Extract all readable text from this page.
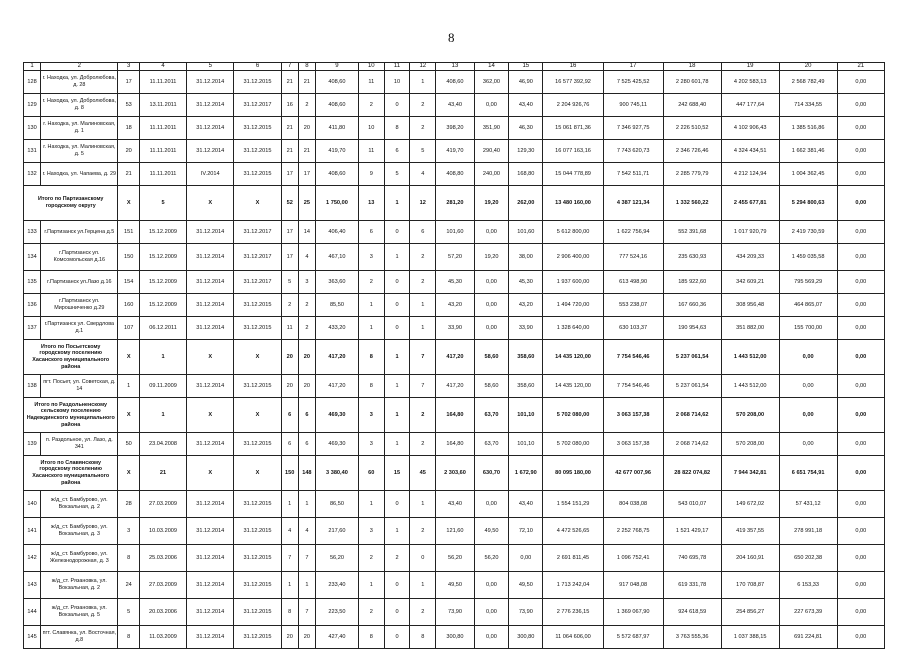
8
1	2	3	4	5	6	7	8	9	10	11	12	13	14	15	16	17	18	19	20	21
128	г. Находка, ул. Добролюбова, д. 28	17	11.11.2011	31.12.2014	31.12.2015	21	21	408,60	11	10	1	408,60	362,00	46,90	16 577 392,92	7 525 425,52	2 280 601,78	4 202 583,13	2 568 782,49	0,00
129	г. Находка, ул. Добролюбова, д. 8	53	13.11.2011	31.12.2014	31.12.2017	16	2	408,60	2	0	2	43,40	0,00	43,40	2 204 926,76	900 745,11	242 688,40	447 177,64	714 334,55	0,00
130	г. Находка, ул. Малиновская, д. 1	18	11.11.2011	31.12.2014	31.12.2015	21	20	411,80	10	8	2	398,20	351,90	46,30	15 061 871,36	7 346 927,75	2 226 510,52	4 102 906,43	1 385 516,86	0,00
131	г. Находка, ул. Малиновская, д. 5	20	11.11.2011	31.12.2014	31.12.2015	21	21	419,70	11	6	5	419,70	290,40	129,30	16 077 163,16	7 743 620,73	2 346 726,46	4 324 434,51	1 662 381,46	0,00
132	г. Находка, ул. Чапаева, д. 29	21	11.11.2011	IV.2014	31.12.2015	17	17	408,60	9	5	4	408,80	240,00	168,80	15 044 778,89	7 542 511,71	2 285 779,79	4 212 124,94	1 004 362,45	0,00
Итого по Партизанскому городскому округу		X	5	X	X	52	25	1 750,00	13	1	12	281,20	19,20	262,00	13 480 160,00	4 387 121,34	1 332 560,22	2 455 677,81	5 294 800,63	0,00
133	г.Партизанск ул.Герцена д.5	151	15.12.2009	31.12.2014	31.12.2017	17	14	406,40	6	0	6	101,60	0,00	101,60	5 612 800,00	1 622 756,94	552 391,68	1 017 920,79	2 419 730,59	0,00
134	г.Партизанск ул. Комсомольская д.16	150	15.12.2009	31.12.2014	31.12.2017	17	4	467,10	3	1	2	57,20	19,20	38,00	2 906 400,00	777 524,16	235 630,93	434 209,33	1 459 035,58	0,00
135	г.Партизанск ул.Лазо д.16	154	15.12.2009	31.12.2014	31.12.2017	5	3	363,60	2	0	2	45,30	0,00	45,30	1 937 600,00	613 498,90	185 922,60	342 609,21	795 569,29	0,00
136	г.Партизанск ул. Мирошниченко д.29	160	15.12.2009	31.12.2014	31.12.2015	2	2	85,50	1	0	1	43,20	0,00	43,20	1 494 720,00	553 238,07	167 660,36	308 956,48	464 865,07	0,00
137	г.Партизанск ул. Свердлова д.1	107	06.12.2011	31.12.2014	31.12.2015	11	2	433,20	1	0	1	33,90	0,00	33,90	1 328 640,00	630 103,37	190 954,63	351 882,00	155 700,00	0,00
Итого по Посьетскому городскому поселению Хасанского муниципального района		X	1	X	X	20	20	417,20	8	1	7	417,20	58,60	358,60	14 435 120,00	7 754 546,46	5 237 061,54	1 443 512,00	0,00	0,00
138	пгт. Посьет, ул. Советская, д. 14	1	09.11.2009	31.12.2014	31.12.2015	20	20	417,20	8	1	7	417,20	58,60	358,60	14 435 120,00	7 754 546,46	5 237 061,54	1 443 512,00	0,00	0,00
Итого по Раздольненскому сельскому поселению Надеждинского муниципального района		X	1	X	X	6	6	469,30	3	1	2	164,80	63,70	101,10	5 702 080,00	3 063 157,38	2 068 714,62	570 208,00	0,00	0,00
139	п. Раздольное, ул. Лазо, д. 341	50	23.04.2008	31.12.2014	31.12.2015	6	6	469,30	3	1	2	164,80	63,70	101,10	5 702 080,00	3 063 157,38	2 068 714,62	570 208,00	0,00	0,00
Итого по Славянскому городскому поселению Хасанского муниципального района		X	21	X	X	150	148	3 380,40	60	15	45	2 303,60	630,70	1 672,90	80 095 180,00	42 677 007,96	28 822 074,82	7 944 342,81	6 651 754,91	0,00
140	ж/д_ст. Бамбурово, ул. Вокзальная, д. 2	28	27.03.2009	31.12.2014	31.12.2015	1	1	86,50	1	0	1	43,40	0,00	43,40	1 554 151,29	804 038,08	543 010,07	149 672,02	57 431,12	0,00
141	ж/д_ст. Бамбурово, ул. Вокзальная, д. 3	3	10.03.2009	31.12.2014	31.12.2015	4	4	217,60	3	1	2	121,60	49,50	72,10	4 472 526,65	2 252 768,75	1 521 429,17	419 357,55	278 991,18	0,00
142	ж/д_ст. Бамбурово, ул. Железнодорожная, д. 3	8	25.03.2006	31.12.2014	31.12.2015	7	7	56,20	2	2	0	56,20	56,20	0,00	2 691 811,45	1 096 752,41	740 695,78	204 160,91	650 202,38	0,00
143	ж/д_ст. Рязановка, ул. Вокзальная, д. 2	24	27.03.2009	31.12.2014	31.12.2015	1	1	233,40	1	0	1	49,50	0,00	49,50	1 713 242,04	917 048,08	619 331,78	170 708,87	6 153,33	0,00
144	ж/д_ст. Рязановка, ул. Вокзальная, д. 5	5	20.03.2006	31.12.2014	31.12.2015	8	7	223,50	2	0	2	73,90	0,00	73,90	2 776 236,15	1 369 067,90	924 618,59	254 856,27	227 673,39	0,00
145	пгт. Славянка, ул. Восточная, д.8	8	11.03.2009	31.12.2014	31.12.2015	20	20	427,40	8	0	8	300,80	0,00	300,80	11 064 606,00	5 572 687,97	3 763 555,36	1 037 388,15	691 224,81	0,00
